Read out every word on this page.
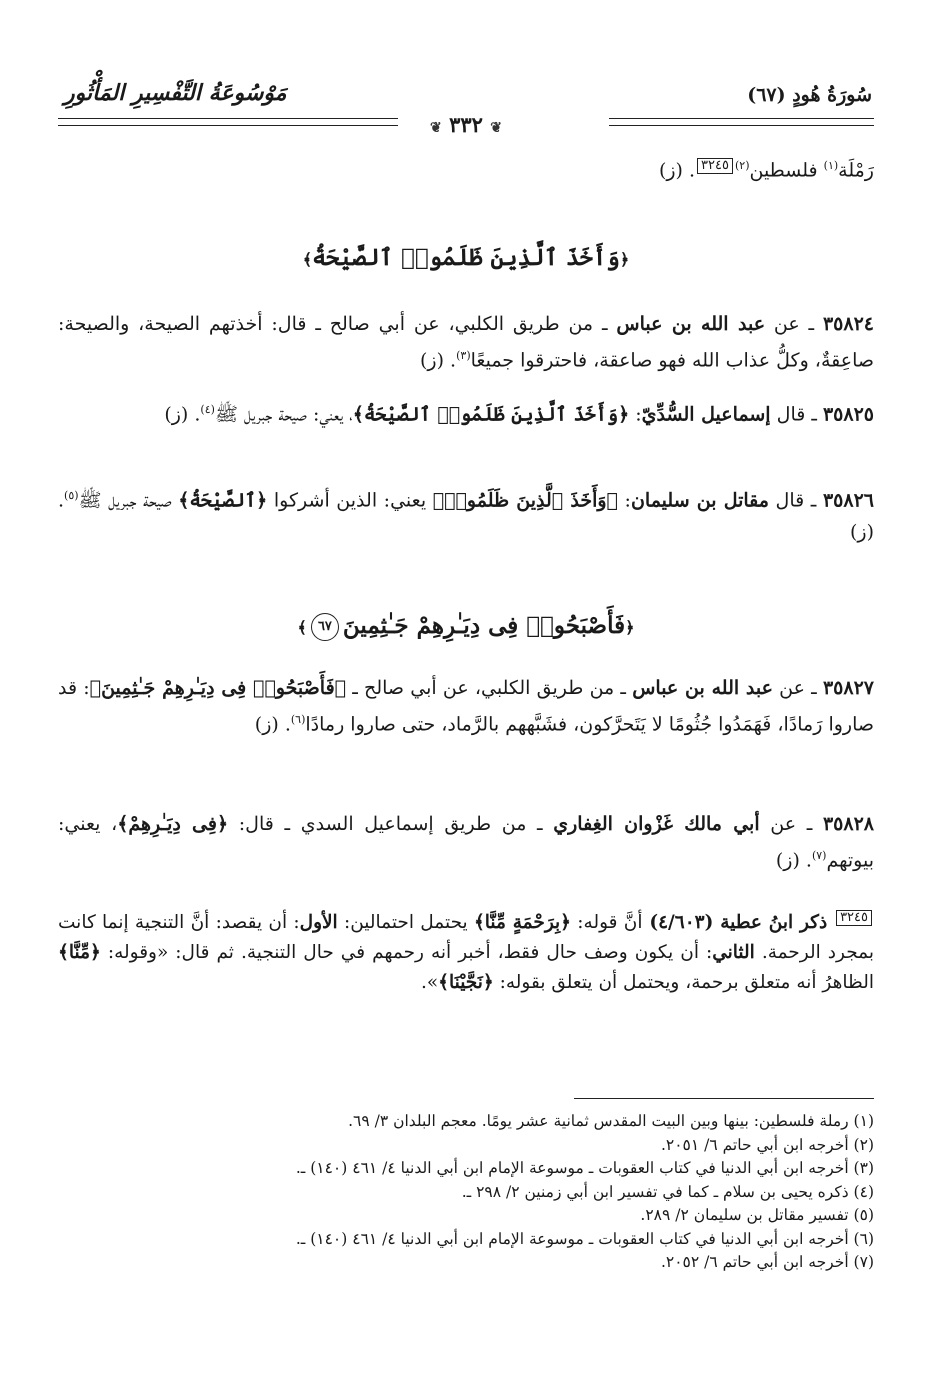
سُورَةُ هُودٍ (٦٧)
مَوْسُوعَةُ التَّفْسِيرِ المَأْثُورِ
❦ ٣٣٢ ❦
رَمْلَة$^{(١)}$ فلسطين$^{(٢)}$٣٢٤٥. (ز)
﴿وَأَخَذَ ٱلَّذِينَ ظَلَمُوا۟ ٱلصَّيْحَةُ﴾

٣٥٨٢٤ ـ عن عبد الله بن عباس ـ من طريق الكلبي، عن أبي صالح ـ قال: أخذتهم الصيحة، والصيحة: صاعِقةٌ، وكلُّ عذاب الله فهو صاعقة، فاحترقوا جميعًا$^{(٣)}$. (ز)

٣٥٨٢٥ ـ قال إسماعيل السُّدِّيّ: ﴿وَأَخَذَ ٱلَّذِينَ ظَلَمُوا۟ ٱلصَّيْحَةُ﴾، يعني: صيحة جبريل ﷺ$^{(٤)}$. (ز)

٣٥٨٢٦ ـ قال مقاتل بن سليمان: ﴿وَأَخَذَ ٱلَّذِينَ ظَلَمُوا۟﴾ يعني: الذين أشركوا ﴿ٱلصَّيْحَةُ﴾ صيحة جبريل ﷺ$^{(٥)}$. (ز)

﴿فَأَصْبَحُوا۟ فِى دِيَـٰرِهِمْ جَـٰثِمِينَ٦٧﴾

٣٥٨٢٧ ـ عن عبد الله بن عباس ـ من طريق الكلبي، عن أبي صالح ـ ﴿فَأَصْبَحُوا۟ فِى دِيَـٰرِهِمْ جَـٰثِمِينَ﴾: قد صاروا رَمادًا، فَهَمَدُوا جُثُومًا لا يَتَحرَّكون، فشَبَّههم بالرَّماد، حتى صاروا رمادًا$^{(٦)}$. (ز)

٣٥٨٢٨ ـ عن أبي مالك غَزْوان الغِفاري ـ من طريق إسماعيل السدي ـ قال: ﴿فِى دِيَـٰرِهِمْ﴾، يعني: بيوتهم$^{(٧)}$. (ز)

٣٢٤٥ ذكر ابنُ عطية (٤/٦٠٣) أنَّ قوله: ﴿بِرَحْمَةٍ مِّنَّا﴾ يحتمل احتمالين: الأول: أن يقصد: أنَّ التنجية إنما كانت بمجرد الرحمة. الثاني: أن يكون وصف حال فقط، أخبر أنه رحمهم في حال التنجية. ثم قال: «وقوله: ﴿مِّنَّا﴾ الظاهرُ أنه متعلق برحمة، ويحتمل أن يتعلق بقوله: ﴿نَجَّيْنَا﴾».

(١) رملة فلسطين: بينها وبين البيت المقدس ثمانية عشر يومًا. معجم البلدان ٣/ ٦٩.

(٢) أخرجه ابن أبي حاتم ٦/ ٢٠٥١.

(٣) أخرجه ابن أبي الدنيا في كتاب العقوبات ـ موسوعة الإمام ابن أبي الدنيا ٤/ ٤٦١ (١٤٠) ـ.

(٤) ذكره يحيى بن سلام ـ كما في تفسير ابن أبي زمنين ٢/ ٢٩٨ ـ.

(٥) تفسير مقاتل بن سليمان ٢/ ٢٨٩.

(٦) أخرجه ابن أبي الدنيا في كتاب العقوبات ـ موسوعة الإمام ابن أبي الدنيا ٤/ ٤٦١ (١٤٠) ـ.

(٧) أخرجه ابن أبي حاتم ٦/ ٢٠٥٢.
